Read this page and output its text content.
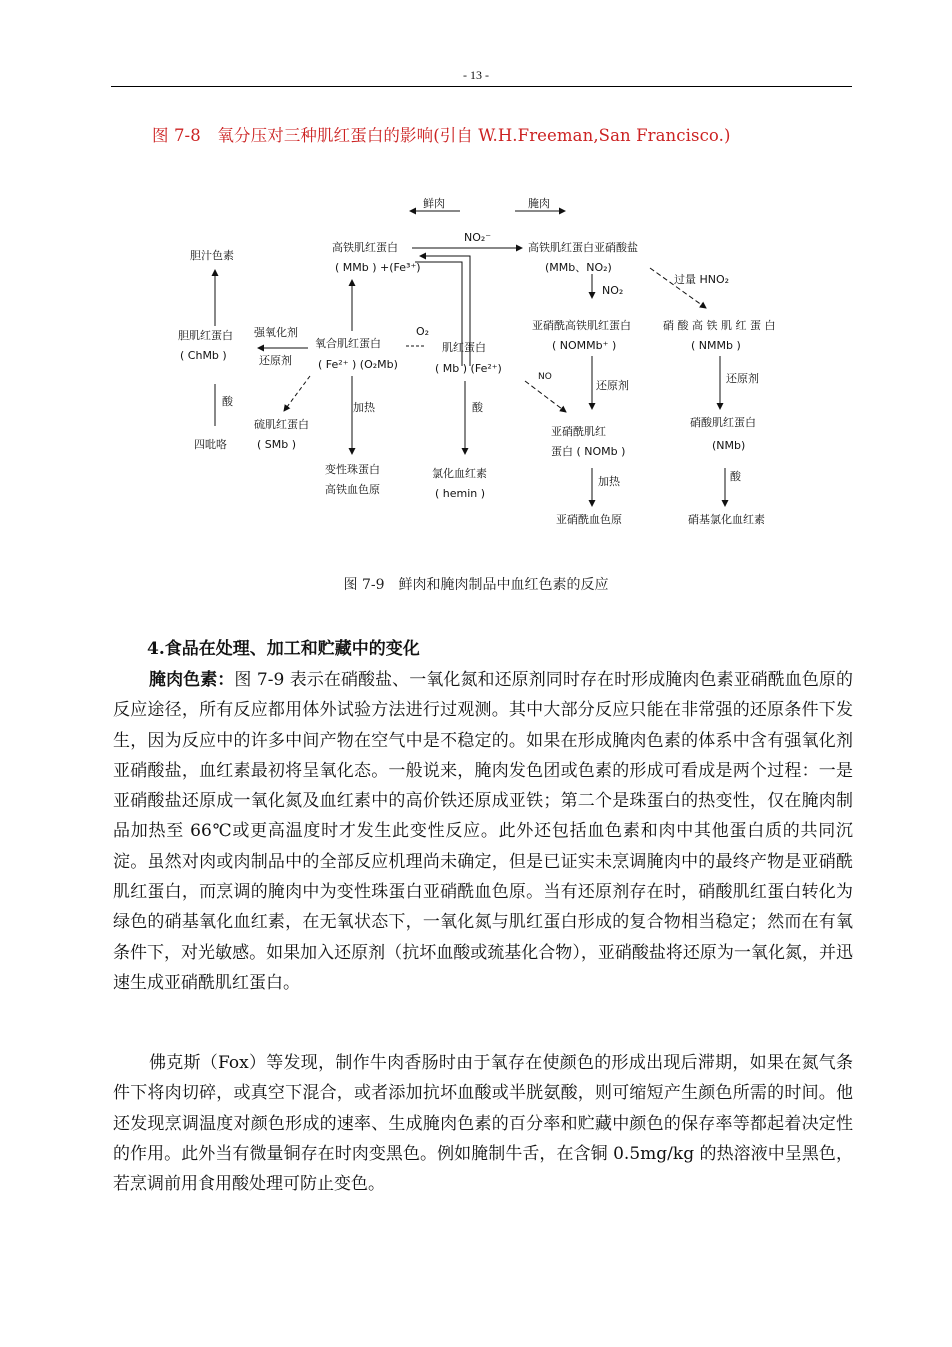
- 13 -
图 7-8　氧分压对三种肌红蛋白的影响(引自 W.H.Freeman,San Francisco.)
鲜肉	腌肉
胆汁色素
高铁肌红蛋白
( MMb ) +(Fe³⁺)
NO₂⁻
高铁肌红蛋白亚硝酸盐
(MMb、NO₂)
NO₂
过量 HNO₂
胆肌红蛋白
( ChMb )
强氧化剂
还原剂
O₂
氧合肌红蛋白
( Fe²⁺ ) (O₂Mb)
肌红蛋白
( Mb ) (Fe²⁺)
亚硝酰高铁肌红蛋白
( NOMMb⁺ )
硝 酸 高 铁 肌 红 蛋 白
( NMMb )
酸
硫肌红蛋白
( SMb )
加热	酸
NO
还原剂
还原剂
亚硝酰肌红
蛋白 ( NOMb )
硝酸肌红蛋白
(NMb)
四吡咯
变性珠蛋白
高铁血色原
氯化血红素
( hemin )
加热	酸
亚硝酰血色原	硝基氯化血红素
图 7-9　鲜肉和腌肉制品中血红色素的反应
4.食品在处理、加工和贮藏中的变化

腌肉色素：图 7-9 表示在硝酸盐、一氧化氮和还原剂同时存在时形成腌肉色素亚硝酰血色原的反应途径，所有反应都用体外试验方法进行过观测。其中大部分反应只能在非常强的还原条件下发生，因为反应中的许多中间产物在空气中是不稳定的。如果在形成腌肉色素的体系中含有强氧化剂亚硝酸盐，血红素最初将呈氧化态。一般说来，腌肉发色团或色素的形成可看成是两个过程：一是亚硝酸盐还原成一氧化氮及血红素中的高价铁还原成亚铁；第二个是珠蛋白的热变性，仅在腌肉制品加热至 66℃或更高温度时才发生此变性反应。此外还包括血色素和肉中其他蛋白质的共同沉淀。虽然对肉或肉制品中的全部反应机理尚未确定，但是已证实未烹调腌肉中的最终产物是亚硝酰肌红蛋白，而烹调的腌肉中为变性珠蛋白亚硝酰血色原。当有还原剂存在时，硝酸肌红蛋白转化为绿色的硝基氧化血红素，在无氧状态下，一氧化氮与肌红蛋白形成的复合物相当稳定；然而在有氧条件下，对光敏感。如果加入还原剂（抗坏血酸或巯基化合物），亚硝酸盐将还原为一氧化氮，并迅速生成亚硝酰肌红蛋白。

佛克斯（Fox）等发现，制作牛肉香肠时由于氧存在使颜色的形成出现后滞期，如果在氮气条件下将肉切碎，或真空下混合，或者添加抗坏血酸或半胱氨酸，则可缩短产生颜色所需的时间。他还发现烹调温度对颜色形成的速率、生成腌肉色素的百分率和贮藏中颜色的保存率等都起着决定性的作用。此外当有微量铜存在时肉变黑色。例如腌制牛舌，在含铜 0.5mg/kg 的热溶液中呈黑色，若烹调前用食用酸处理可防止变色。
